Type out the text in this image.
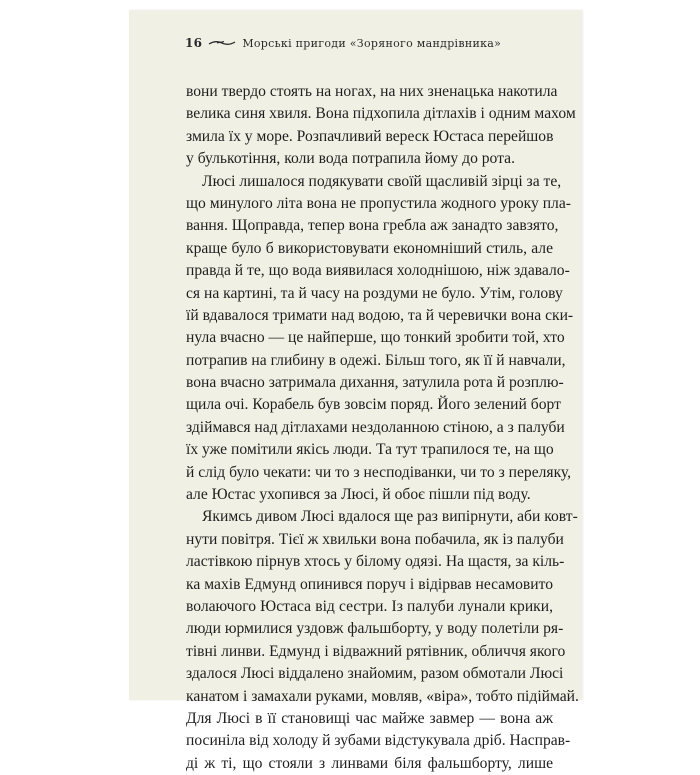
16	Морські пригоди «Зоряного мандрівника»
вони твердо стоять на ногах, на них зненацька накотила
велика синя хвиля. Вона підхопила дітлахів і одним махом
змила їх у море. Розпачливий вереск Юстаса перейшов
у булькотіння, коли вода потрапила йому до рота.
Люсі лишалося подякувати своїй щасливій зірці за те,
що минулого літа вона не пропустила жодного уроку пла-
вання. Щоправда, тепер вона гребла аж занадто завзято,
краще було б використовувати економніший стиль, але
правда й те, що вода виявилася холоднішою, ніж здавало-
ся на картині, та й часу на роздуми не було. Утім, голову
їй вдавалося тримати над водою, та й черевички вона ски-
нула вчасно — це найперше, що тонкий зробити той, хто
потрапив на глибину в одежі. Більш того, як її й навчали,
вона вчасно затримала дихання, затулила рота й розплю-
щила очі. Корабель був зовсім поряд. Його зелений борт
здіймався над дітлахами нездоланною стіною, а з палуби
їх уже помітили якісь люди. Та тут трапилося те, на що
й слід було чекати: чи то з несподіванки, чи то з переляку,
але Юстас ухопився за Люсі, й обоє пішли під воду.
Якимсь дивом Люсі вдалося ще раз випірнути, аби ковт-
нути повітря. Тієї ж хвильки вона побачила, як із палуби
ластівкою пірнув хтось у білому одязі. На щастя, за кіль-
ка махів Едмунд опинився поруч і відірвав несамовито
волаючого Юстаса від сестри. Із палуби лунали крики,
люди юрмилися уздовж фальшборту, у воду полетіли ря-
тівні линви. Едмунд і відважний рятівник, обличчя якого
здалося Люсі віддалено знайомим, разом обмотали Люсі
канатом і замахали руками, мовляв, «віра», тобто підіймай.
Для Люсі в її становищі час майже завмер — вона аж
посиніла від холоду й зубами відстукувала дріб. Насправ-
ді ж ті, що стояли з линвами біля фальшборту, лише
